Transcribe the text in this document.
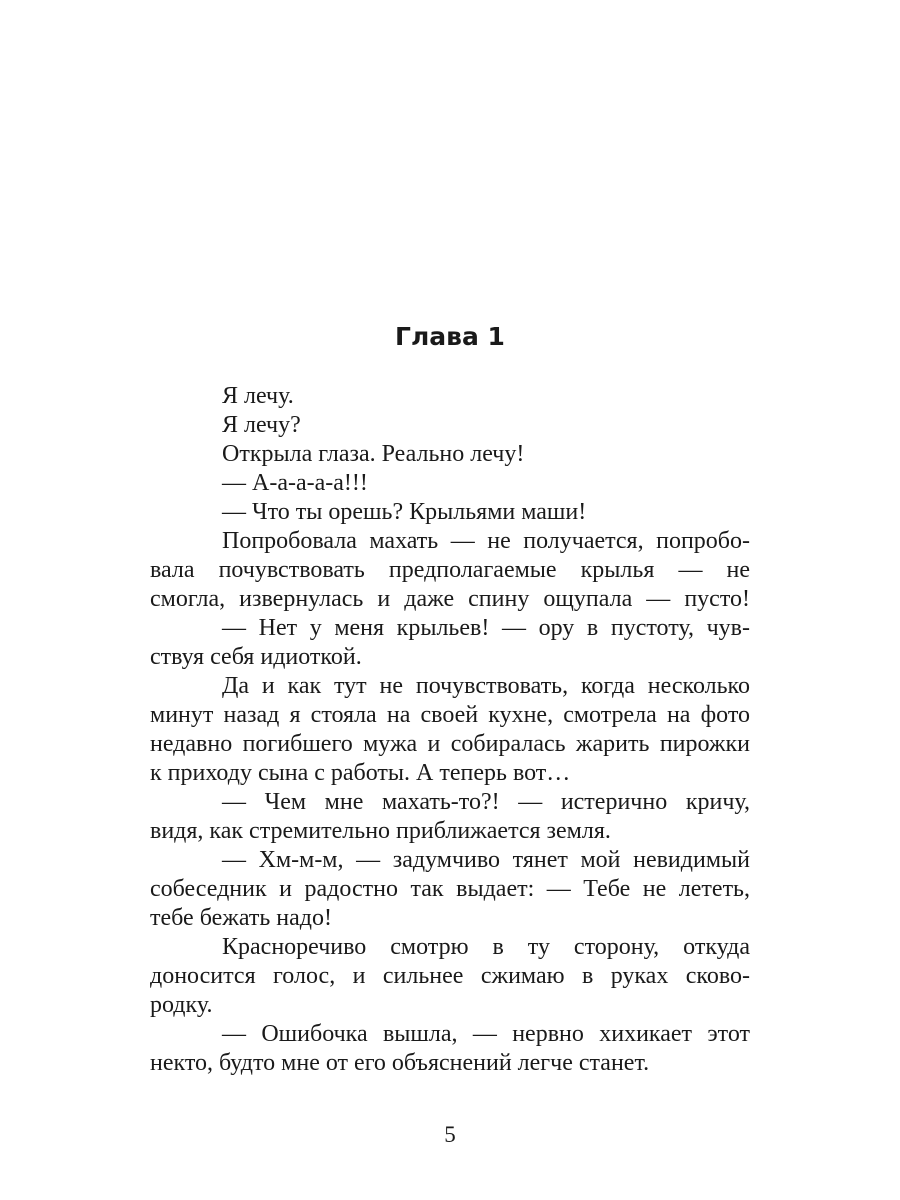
Глава 1
Я лечу.
Я лечу?
Открыла глаза. Реально лечу!
— А-а-а-а-а!!!
— Что ты орешь? Крыльями маши!
Попробовала махать — не получается, попробо-
вала почувствовать предполагаемые крылья — не
смогла, извернулась и даже спину ощупала — пусто!
— Нет у меня крыльев! — ору в пустоту, чув-
ствуя себя идиоткой.
Да и как тут не почувствовать, когда несколько
минут назад я стояла на своей кухне, смотрела на фото
недавно погибшего мужа и собиралась жарить пирожки
к приходу сына с работы. А теперь вот…
— Чем мне махать-то?! — истерично кричу,
видя, как стремительно приближается земля.
— Хм-м-м, — задумчиво тянет мой невидимый
собеседник и радостно так выдает: — Тебе не лететь,
тебе бежать надо!
Красноречиво смотрю в ту сторону, откуда
доносится голос, и сильнее сжимаю в руках сково-
родку.
— Ошибочка вышла, — нервно хихикает этот
некто, будто мне от его объяснений легче станет.
5
